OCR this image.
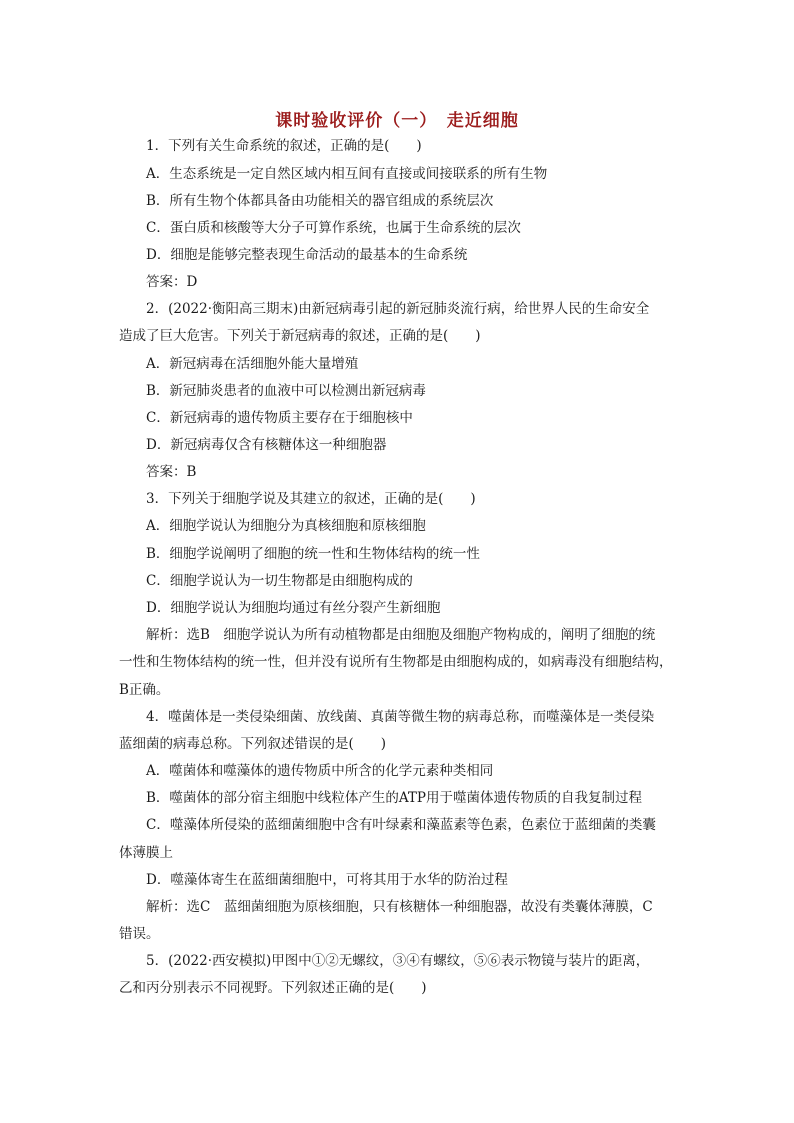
课时验收评价（一）　走近细胞
1．下列有关生命系统的叙述，正确的是(　　)
A．生态系统是一定自然区域内相互间有直接或间接联系的所有生物
B．所有生物个体都具备由功能相关的器官组成的系统层次
C．蛋白质和核酸等大分子可算作系统，也属于生命系统的层次
D．细胞是能够完整表现生命活动的最基本的生命系统
答案：D
2．(2022·衡阳高三期末)由新冠病毒引起的新冠肺炎流行病，给世界人民的生命安全
造成了巨大危害。下列关于新冠病毒的叙述，正确的是(　　)
A．新冠病毒在活细胞外能大量增殖
B．新冠肺炎患者的血液中可以检测出新冠病毒
C．新冠病毒的遗传物质主要存在于细胞核中
D．新冠病毒仅含有核糖体这一种细胞器
答案：B
3．下列关于细胞学说及其建立的叙述，正确的是(　　)
A．细胞学说认为细胞分为真核细胞和原核细胞
B．细胞学说阐明了细胞的统一性和生物体结构的统一性
C．细胞学说认为一切生物都是由细胞构成的
D．细胞学说认为细胞均通过有丝分裂产生新细胞
解析：选B　细胞学说认为所有动植物都是由细胞及细胞产物构成的，阐明了细胞的统
一性和生物体结构的统一性，但并没有说所有生物都是由细胞构成的，如病毒没有细胞结构，
B正确。
4．噬菌体是一类侵染细菌、放线菌、真菌等微生物的病毒总称，而噬藻体是一类侵染
蓝细菌的病毒总称。下列叙述错误的是(　　)
A．噬菌体和噬藻体的遗传物质中所含的化学元素种类相同
B．噬菌体的部分宿主细胞中线粒体产生的ATP用于噬菌体遗传物质的自我复制过程
C．噬藻体所侵染的蓝细菌细胞中含有叶绿素和藻蓝素等色素，色素位于蓝细菌的类囊
体薄膜上
D．噬藻体寄生在蓝细菌细胞中，可将其用于水华的防治过程
解析：选C　蓝细菌细胞为原核细胞，只有核糖体一种细胞器，故没有类囊体薄膜，C
错误。
5．(2022·西安模拟)甲图中①②无螺纹，③④有螺纹，⑤⑥表示物镜与装片的距离，
乙和丙分别表示不同视野。下列叙述正确的是(　　)
